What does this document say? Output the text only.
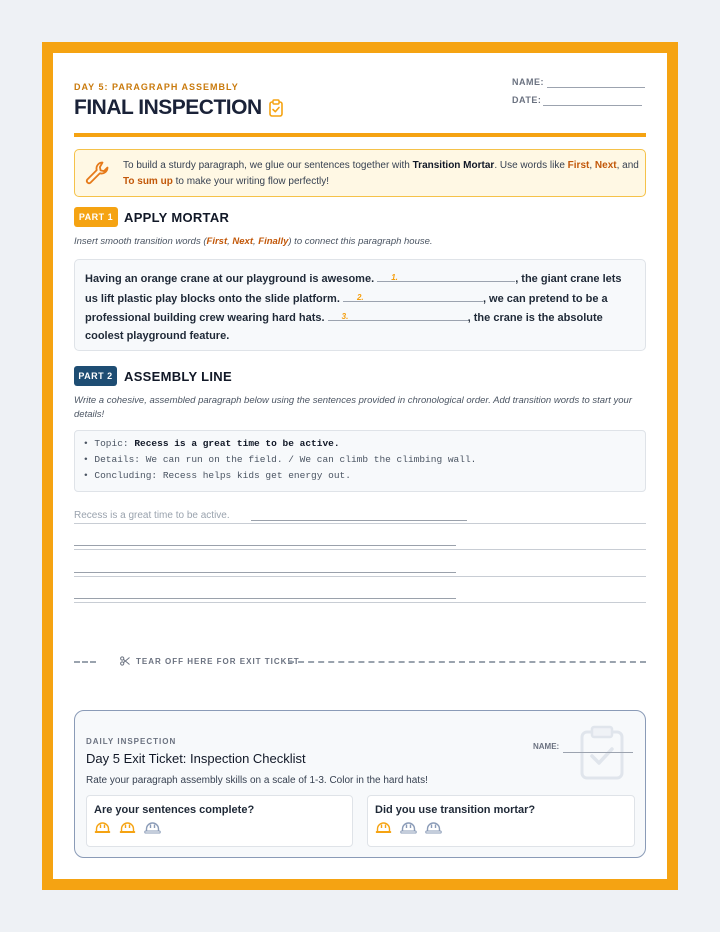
DAY 5: PARAGRAPH ASSEMBLY
FINAL INSPECTION
NAME:
DATE:
To build a sturdy paragraph, we glue our sentences together with Transition Mortar. Use words like First, Next, and To sum up to make your writing flow perfectly!
PART 1 APPLY MORTAR
Insert smooth transition words (First, Next, Finally) to connect this paragraph house.
Having an orange crane at our playground is awesome. 1.	, the giant crane lets us lift plastic play blocks onto the slide platform. 2.	, we can pretend to be a professional building crew wearing hard hats. 3.	, the crane is the absolute coolest playground feature.
PART 2 ASSEMBLY LINE
Write a cohesive, assembled paragraph below using the sentences provided in chronological order. Add transition words to start your details!
• Topic: Recess is a great time to be active.
• Details: We can run on the field. / We can climb the climbing wall.
• Concluding: Recess helps kids get energy out.
Recess is a great time to be active.
TEAR OFF HERE FOR EXIT TICKET
DAILY INSPECTION
Day 5 Exit Ticket: Inspection Checklist
Rate your paragraph assembly skills on a scale of 1-3. Color in the hard hats!
NAME:
Are your sentences complete?	Did you use transition mortar?
